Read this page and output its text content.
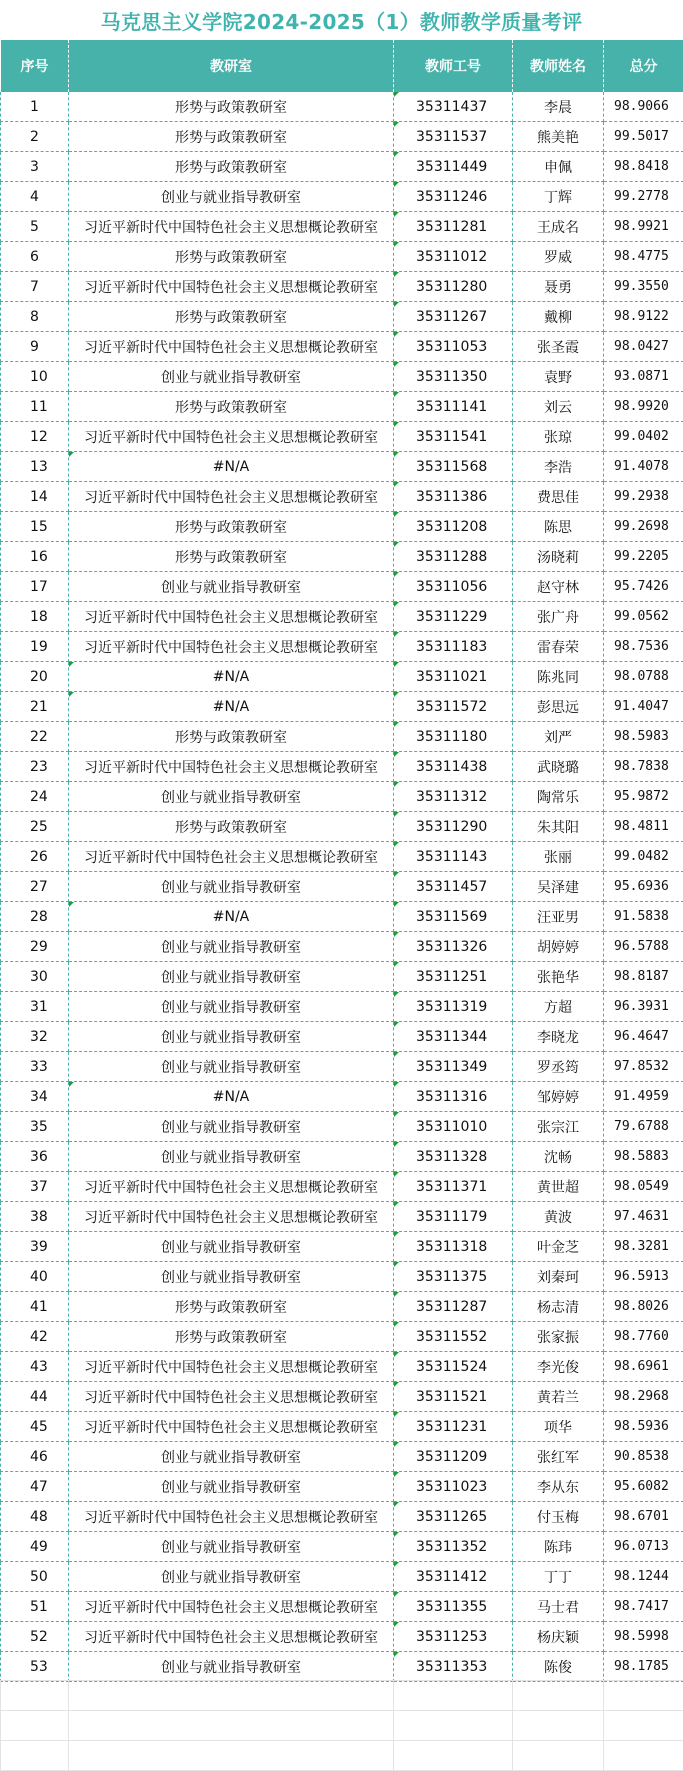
马克思主义学院2024-2025（1）教师教学质量考评
序号	教研室	教师工号	教师姓名	总分
1	形势与政策教研室	35311437	李晨	98.9066
2	形势与政策教研室	35311537	熊美艳	99.5017
3	形势与政策教研室	35311449	申佩	98.8418
4	创业与就业指导教研室	35311246	丁辉	99.2778
5	习近平新时代中国特色社会主义思想概论教研室	35311281	王成名	98.9921
6	形势与政策教研室	35311012	罗威	98.4775
7	习近平新时代中国特色社会主义思想概论教研室	35311280	聂勇	99.3550
8	形势与政策教研室	35311267	戴柳	98.9122
9	习近平新时代中国特色社会主义思想概论教研室	35311053	张圣霞	98.0427
10	创业与就业指导教研室	35311350	袁野	93.0871
11	形势与政策教研室	35311141	刘云	98.9920
12	习近平新时代中国特色社会主义思想概论教研室	35311541	张琼	99.0402
13	#N/A	35311568	李浩	91.4078
14	习近平新时代中国特色社会主义思想概论教研室	35311386	费思佳	99.2938
15	形势与政策教研室	35311208	陈思	99.2698
16	形势与政策教研室	35311288	汤晓莉	99.2205
17	创业与就业指导教研室	35311056	赵守林	95.7426
18	习近平新时代中国特色社会主义思想概论教研室	35311229	张广舟	99.0562
19	习近平新时代中国特色社会主义思想概论教研室	35311183	雷春荣	98.7536
20	#N/A	35311021	陈兆同	98.0788
21	#N/A	35311572	彭思远	91.4047
22	形势与政策教研室	35311180	刘严	98.5983
23	习近平新时代中国特色社会主义思想概论教研室	35311438	武晓璐	98.7838
24	创业与就业指导教研室	35311312	陶常乐	95.9872
25	形势与政策教研室	35311290	朱其阳	98.4811
26	习近平新时代中国特色社会主义思想概论教研室	35311143	张丽	99.0482
27	创业与就业指导教研室	35311457	吴泽建	95.6936
28	#N/A	35311569	汪亚男	91.5838
29	创业与就业指导教研室	35311326	胡婷婷	96.5788
30	创业与就业指导教研室	35311251	张艳华	98.8187
31	创业与就业指导教研室	35311319	方超	96.3931
32	创业与就业指导教研室	35311344	李晓龙	96.4647
33	创业与就业指导教研室	35311349	罗丞筠	97.8532
34	#N/A	35311316	邹婷婷	91.4959
35	创业与就业指导教研室	35311010	张宗江	79.6788
36	创业与就业指导教研室	35311328	沈畅	98.5883
37	习近平新时代中国特色社会主义思想概论教研室	35311371	黄世超	98.0549
38	习近平新时代中国特色社会主义思想概论教研室	35311179	黄波	97.4631
39	创业与就业指导教研室	35311318	叶金芝	98.3281
40	创业与就业指导教研室	35311375	刘秦珂	96.5913
41	形势与政策教研室	35311287	杨志清	98.8026
42	形势与政策教研室	35311552	张家振	98.7760
43	习近平新时代中国特色社会主义思想概论教研室	35311524	李光俊	98.6961
44	习近平新时代中国特色社会主义思想概论教研室	35311521	黄若兰	98.2968
45	习近平新时代中国特色社会主义思想概论教研室	35311231	项华	98.5936
46	创业与就业指导教研室	35311209	张红军	90.8538
47	创业与就业指导教研室	35311023	李从东	95.6082
48	习近平新时代中国特色社会主义思想概论教研室	35311265	付玉梅	98.6701
49	创业与就业指导教研室	35311352	陈玮	96.0713
50	创业与就业指导教研室	35311412	丁丁	98.1244
51	习近平新时代中国特色社会主义思想概论教研室	35311355	马士君	98.7417
52	习近平新时代中国特色社会主义思想概论教研室	35311253	杨庆颖	98.5998
53	创业与就业指导教研室	35311353	陈俊	98.1785
